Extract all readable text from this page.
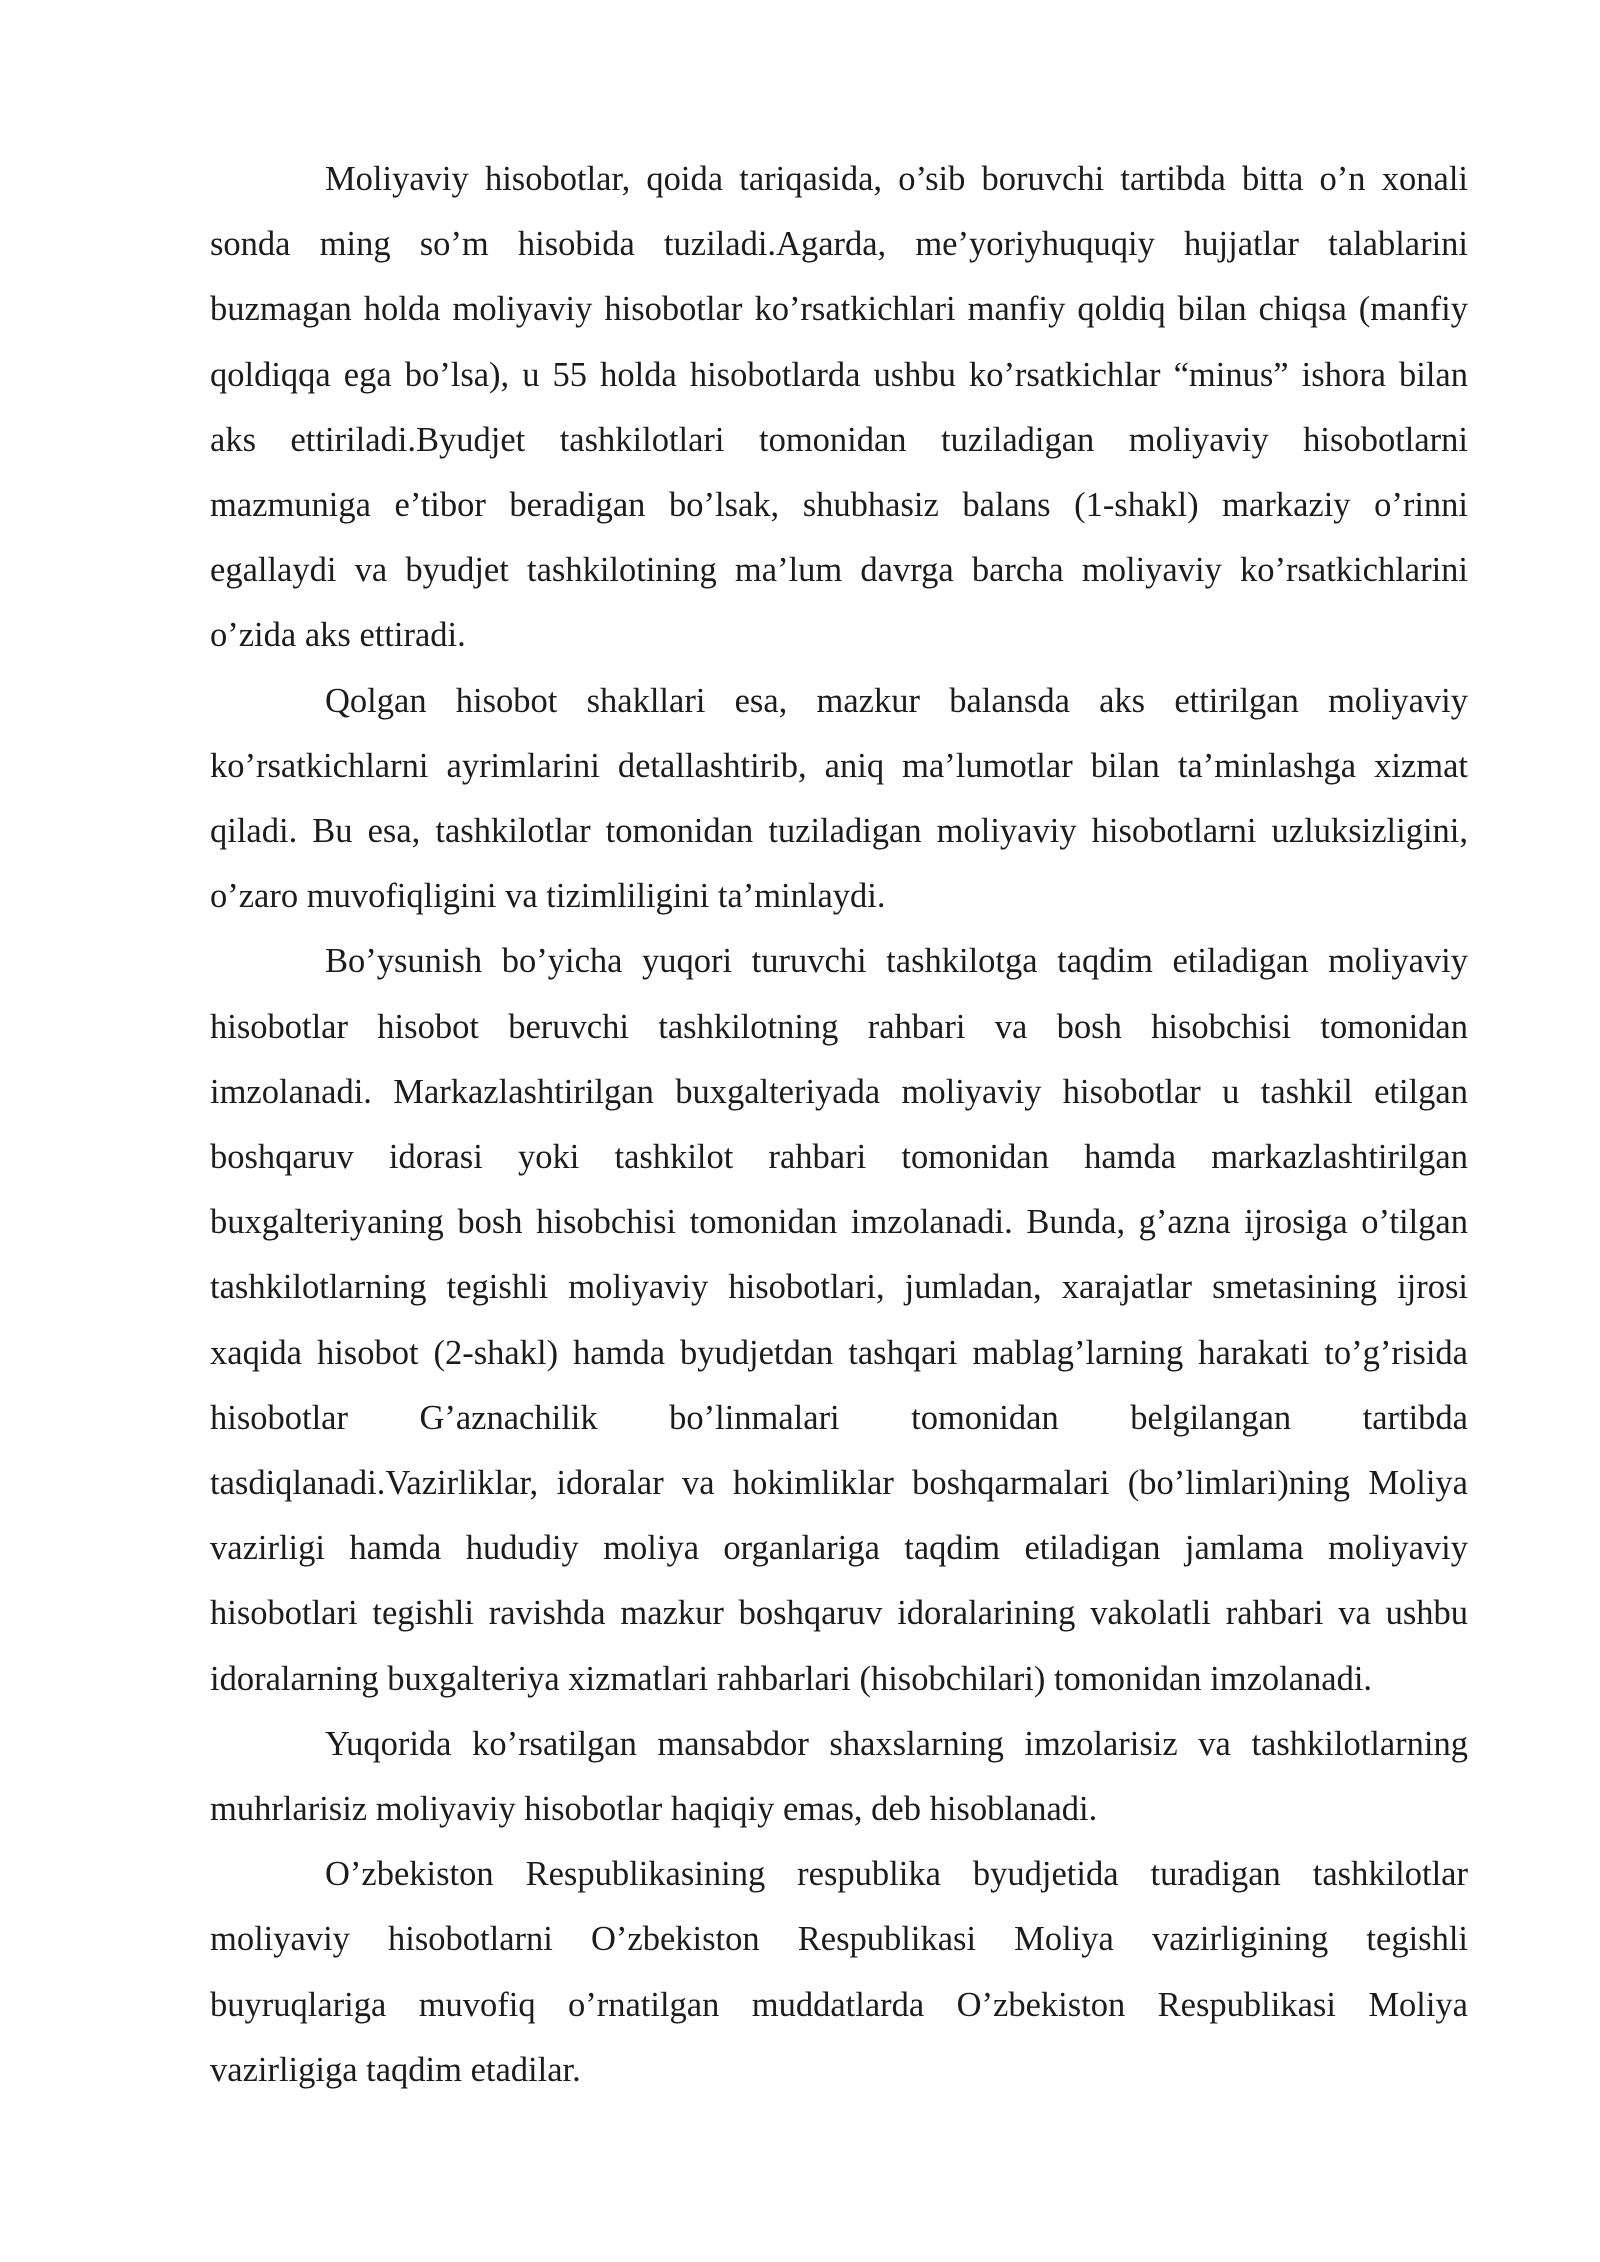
Moliyaviy hisobotlar, qoida tariqasida, o’sib boruvchi tartibda bitta o’n xonali sonda ming so’m hisobida tuziladi.Agarda, me’yoriyhuquqiy hujjatlar talablarini buzmagan holda moliyaviy hisobotlar ko’rsatkichlari manfiy qoldiq bilan chiqsa (manfiy qoldiqqa ega bo’lsa), u 55 holda hisobotlarda ushbu ko’rsatkichlar “minus” ishora bilan aks ettiriladi.Byudjet tashkilotlari tomonidan tuziladigan moliyaviy hisobotlarni mazmuniga e’tibor beradigan bo’lsak, shubhasiz balans (1-shakl) markaziy o’rinni egallaydi va byudjet tashkilotining ma’lum davrga barcha moliyaviy ko’rsatkichlarini o’zida aks ettiradi.

Qolgan hisobot shakllari esa, mazkur balansda aks ettirilgan moliyaviy ko’rsatkichlarni ayrimlarini detallashtirib, aniq ma’lumotlar bilan ta’minlashga xizmat qiladi. Bu esa, tashkilotlar tomonidan tuziladigan moliyaviy hisobotlarni uzluksizligini, o’zaro muvofiqligini va tizimliligini ta’minlaydi.

Bo’ysunish bo’yicha yuqori turuvchi tashkilotga taqdim etiladigan moliyaviy hisobotlar hisobot beruvchi tashkilotning rahbari va bosh hisobchisi tomonidan imzolanadi. Markazlashtirilgan buxgalteriyada moliyaviy hisobotlar u tashkil etilgan boshqaruv idorasi yoki tashkilot rahbari tomonidan hamda markazlashtirilgan buxgalteriyaning bosh hisobchisi tomonidan imzolanadi. Bunda, g’azna ijrosiga o’tilgan tashkilotlarning tegishli moliyaviy hisobotlari, jumladan, xarajatlar smetasining ijrosi xaqida hisobot (2-shakl) hamda byudjetdan tashqari mablag’larning harakati to’g’risida hisobotlar G’aznachilik bo’linmalari tomonidan belgilangan tartibda tasdiqlanadi.Vazirliklar, idoralar va hokimliklar boshqarmalari (bo’limlari)ning Moliya vazirligi hamda hududiy moliya organlariga taqdim etiladigan jamlama moliyaviy hisobotlari tegishli ravishda mazkur boshqaruv idoralarining vakolatli rahbari va ushbu idoralarning buxgalteriya xizmatlari rahbarlari (hisobchilari) tomonidan imzolanadi.

Yuqorida ko’rsatilgan mansabdor shaxslarning imzolarisiz va tashkilotlarning muhrlarisiz moliyaviy hisobotlar haqiqiy emas, deb hisoblanadi.

O’zbekiston Respublikasining respublika byudjetida turadigan tashkilotlar moliyaviy hisobotlarni O’zbekiston Respublikasi Moliya vazirligining tegishli buyruqlariga muvofiq o’rnatilgan muddatlarda O’zbekiston Respublikasi Moliya vazirligiga taqdim etadilar.
